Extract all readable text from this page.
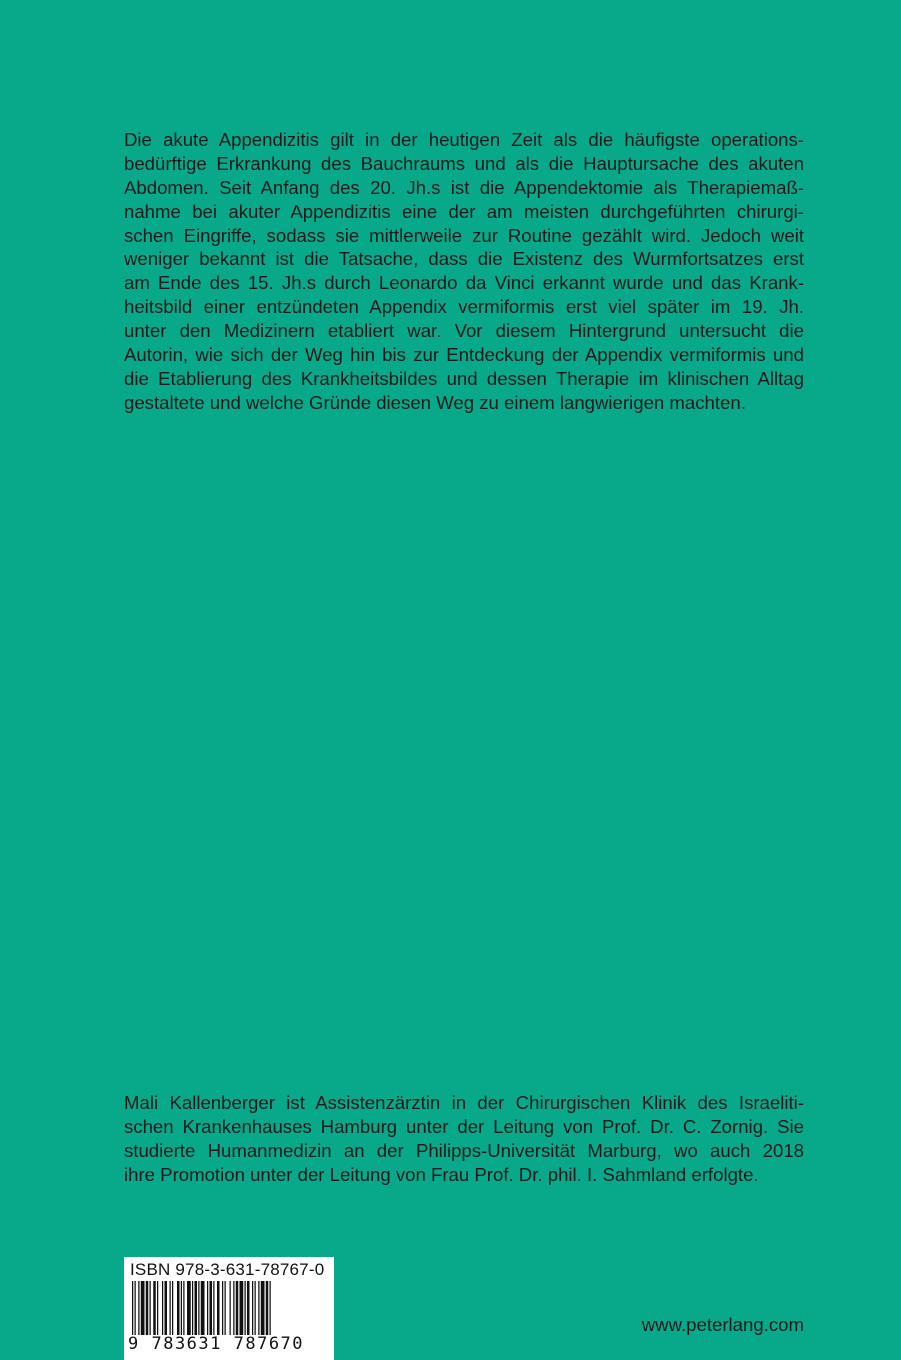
Die akute Appendizitis gilt in der heutigen Zeit als die häufigste operations-
bedürftige Erkrankung des Bauchraums und als die Hauptursache des akuten
Abdomen. Seit Anfang des 20. Jh.s ist die Appendektomie als Therapiemaß-
nahme bei akuter Appendizitis eine der am meisten durchgeführten chirurgi-
schen Eingriffe, sodass sie mittlerweile zur Routine gezählt wird. Jedoch weit
weniger bekannt ist die Tatsache, dass die Existenz des Wurmfortsatzes erst
am Ende des 15. Jh.s durch Leonardo da Vinci erkannt wurde und das Krank-
heitsbild einer entzündeten Appendix vermiformis erst viel später im 19. Jh.
unter den Medizinern etabliert war. Vor diesem Hintergrund untersucht die
Autorin, wie sich der Weg hin bis zur Entdeckung der Appendix vermiformis und
die Etablierung des Krankheitsbildes und dessen Therapie im klinischen Alltag
gestaltete und welche Gründe diesen Weg zu einem langwierigen machten.
Mali Kallenberger ist Assistenzärztin in der Chirurgischen Klinik des Israeliti-
schen Krankenhauses Hamburg unter der Leitung von Prof. Dr. C. Zornig. Sie
studierte Humanmedizin an der Philipps-Universität Marburg, wo auch 2018
ihre Promotion unter der Leitung von Frau Prof. Dr. phil. I. Sahmland erfolgte.
ISBN 978-3-631-78767-0
9 783631 787670
www.peterlang.com
